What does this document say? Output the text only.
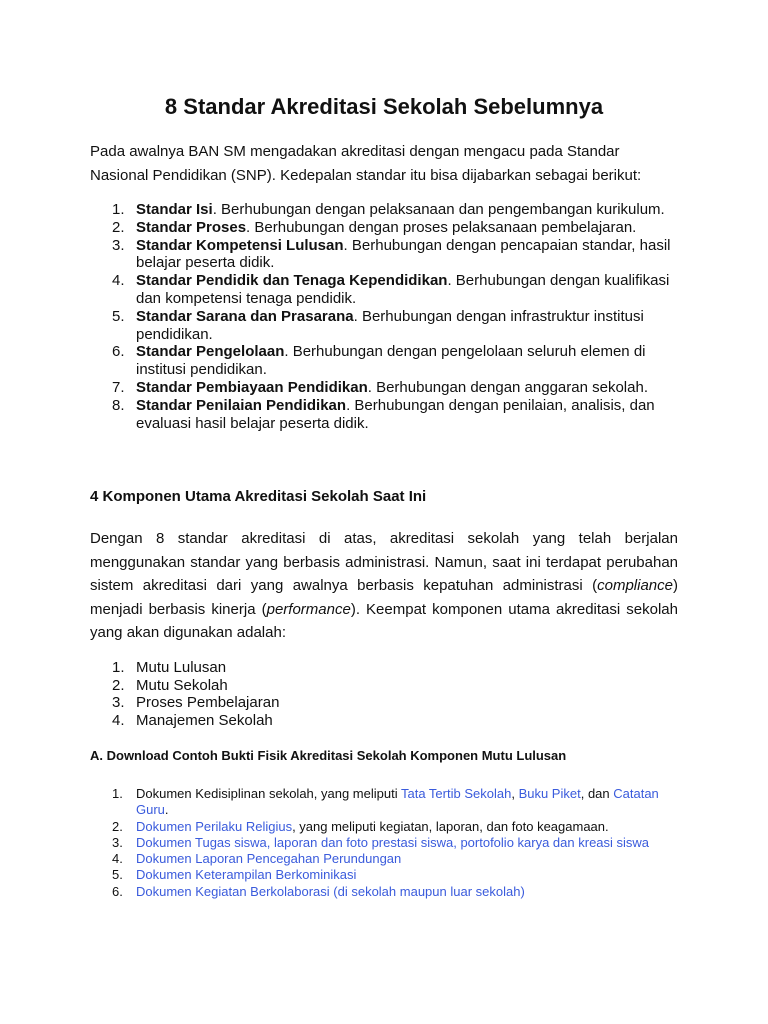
8 Standar Akreditasi Sekolah Sebelumnya

Pada awalnya BAN SM mengadakan akreditasi dengan mengacu pada Standar Nasional Pendidikan (SNP). Kedepalan standar itu bisa dijabarkan sebagai berikut:

1. Standar Isi. Berhubungan dengan pelaksanaan dan pengembangan kurikulum.
2. Standar Proses. Berhubungan dengan proses pelaksanaan pembelajaran.
3. Standar Kompetensi Lulusan. Berhubungan dengan pencapaian standar, hasil belajar peserta didik.
4. Standar Pendidik dan Tenaga Kependidikan. Berhubungan dengan kualifikasi dan kompetensi tenaga pendidik.
5. Standar Sarana dan Prasarana. Berhubungan dengan infrastruktur institusi pendidikan.
6. Standar Pengelolaan. Berhubungan dengan pengelolaan seluruh elemen di institusi pendidikan.
7. Standar Pembiayaan Pendidikan. Berhubungan dengan anggaran sekolah.
8. Standar Penilaian Pendidikan. Berhubungan dengan penilaian, analisis, dan evaluasi hasil belajar peserta didik.
4 Komponen Utama Akreditasi Sekolah Saat Ini

Dengan 8 standar akreditasi di atas, akreditasi sekolah yang telah berjalan menggunakan standar yang berbasis administrasi. Namun, saat ini terdapat perubahan sistem akreditasi dari yang awalnya berbasis kepatuhan administrasi (compliance) menjadi berbasis kinerja (performance). Keempat komponen utama akreditasi sekolah yang akan digunakan adalah:

1. Mutu Lulusan
2. Mutu Sekolah
3. Proses Pembelajaran
4. Manajemen Sekolah
A. Download Contoh Bukti Fisik Akreditasi Sekolah Komponen Mutu Lulusan
1. Dokumen Kedisiplinan sekolah, yang meliputi Tata Tertib Sekolah, Buku Piket, dan Catatan Guru.
2. Dokumen Perilaku Religius, yang meliputi kegiatan, laporan, dan foto keagamaan.
3. Dokumen Tugas siswa, laporan dan foto prestasi siswa, portofolio karya dan kreasi siswa
4. Dokumen Laporan Pencegahan Perundungan
5. Dokumen Keterampilan Berkominikasi
6. Dokumen Kegiatan Berkolaborasi (di sekolah maupun luar sekolah)
